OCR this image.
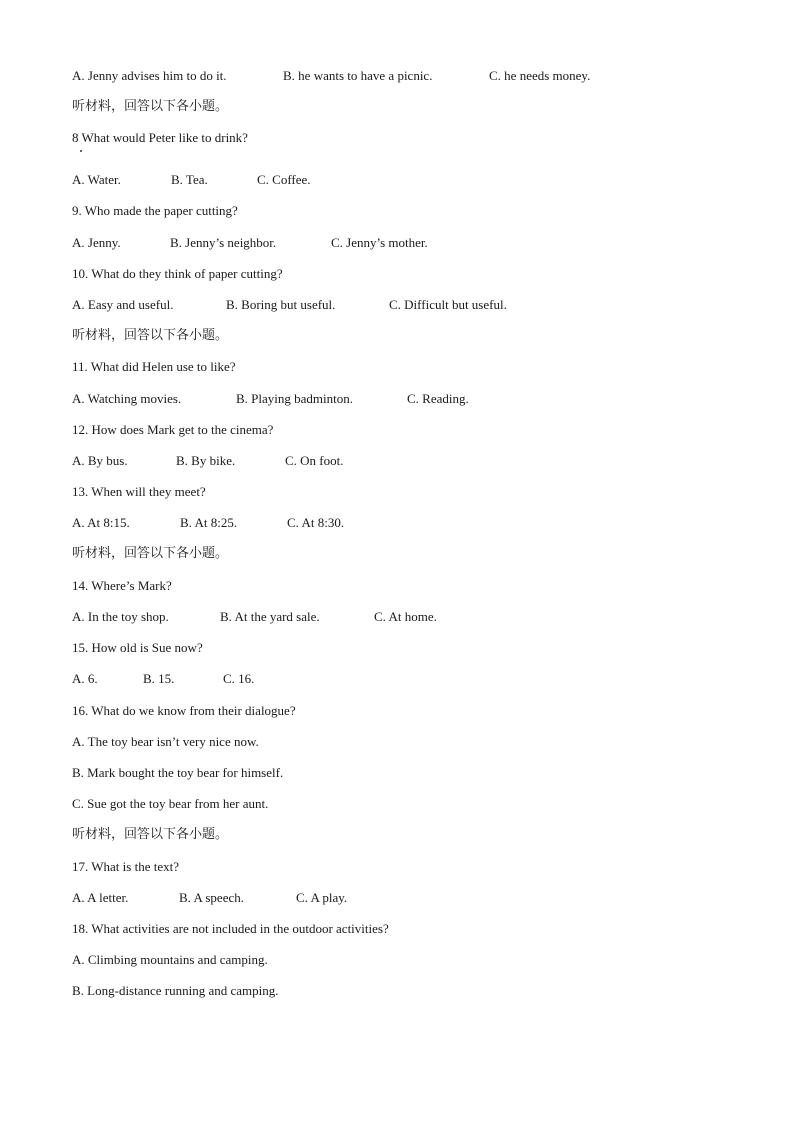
A. Jenny advises him to do it.	B. he wants to have a picnic.	C. he needs money.
听材料，回答以下各小题。
8 What would Peter like to drink?
A. Water.	B. Tea.	C. Coffee.
9. Who made the paper cutting?
A. Jenny.	B. Jenny’s neighbor.	C. Jenny’s mother.
10. What do they think of paper cutting?
A. Easy and useful.	B. Boring but useful.	C. Difficult but useful.
听材料，回答以下各小题。
11. What did Helen use to like?
A. Watching movies.	B. Playing badminton.	C. Reading.
12. How does Mark get to the cinema?
A. By bus.	B. By bike.	C. On foot.
13. When will they meet?
A. At 8:15.	B. At 8:25.	C. At 8:30.
听材料，回答以下各小题。
14. Where’s Mark?
A. In the toy shop.	B. At the yard sale.	C. At home.
15. How old is Sue now?
A. 6.	B. 15.	C. 16.
16. What do we know from their dialogue?
A. The toy bear isn’t very nice now.
B. Mark bought the toy bear for himself.
C. Sue got the toy bear from her aunt.
听材料，回答以下各小题。
17. What is the text?
A. A letter.	B. A speech.	C. A play.
18. What activities are not included in the outdoor activities?
A. Climbing mountains and camping.
B. Long-distance running and camping.
